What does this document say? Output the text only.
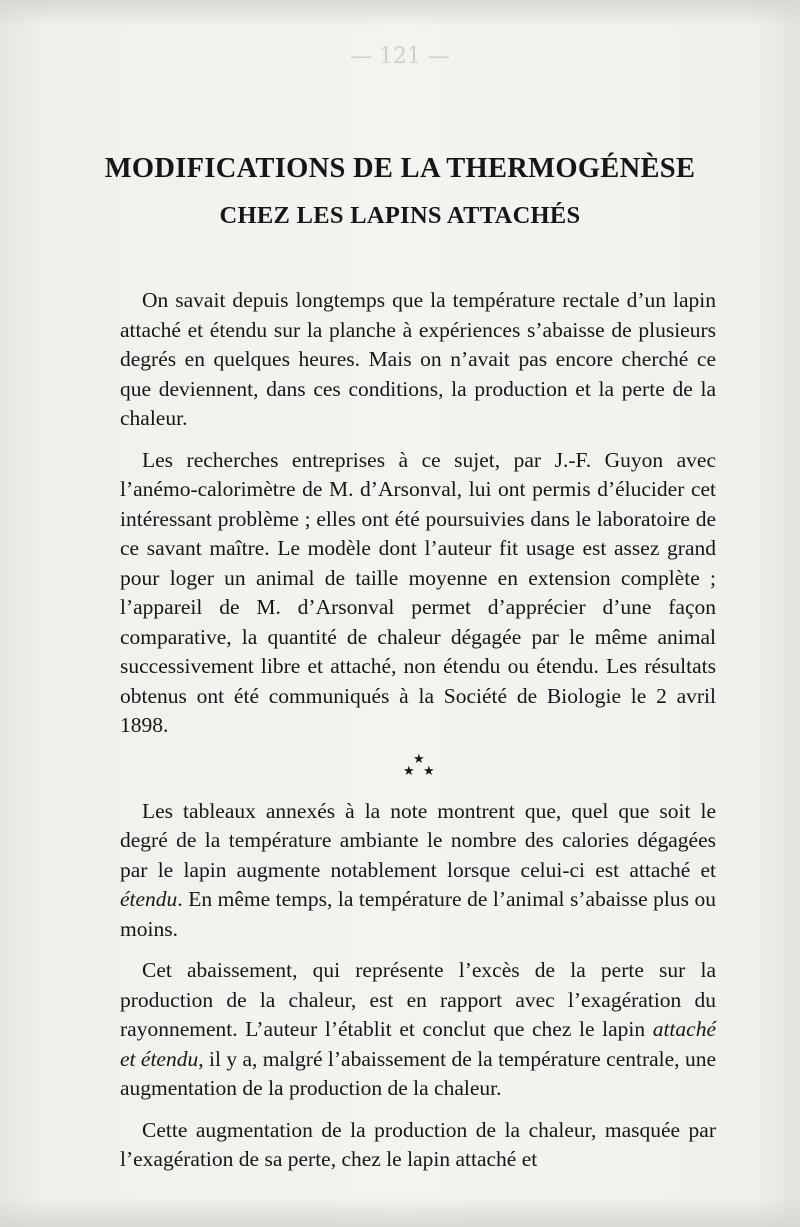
— 121 —
MODIFICATIONS DE LA THERMOGÉNÈSE
CHEZ LES LAPINS ATTACHÉS

On savait depuis longtemps que la température rectale d’un lapin attaché et étendu sur la planche à expériences s’abaisse de plusieurs degrés en quelques heures. Mais on n’avait pas encore cherché ce que deviennent, dans ces conditions, la production et la perte de la chaleur.

Les recherches entreprises à ce sujet, par J.-F. Guyon avec l’anémo-calorimètre de M. d’Arsonval, lui ont permis d’élucider cet intéressant problème ; elles ont été poursuivies dans le laboratoire de ce savant maître. Le modèle dont l’auteur fit usage est assez grand pour loger un animal de taille moyenne en extension complète ; l’appareil de M. d’Arsonval permet d’apprécier d’une façon comparative, la quantité de chaleur dégagée par le même animal successivement libre et attaché, non étendu ou étendu. Les résultats obtenus ont été communiqués à la Société de Biologie le 2 avril 1898.

★
★ ★

Les tableaux annexés à la note montrent que, quel que soit le degré de la température ambiante le nombre des calories dégagées par le lapin augmente notablement lorsque celui-ci est attaché et étendu. En même temps, la température de l’animal s’abaisse plus ou moins.

Cet abaissement, qui représente l’excès de la perte sur la production de la chaleur, est en rapport avec l’exagération du rayonnement. L’auteur l’établit et conclut que chez le lapin attaché et étendu, il y a, malgré l’abaissement de la température centrale, une augmentation de la production de la chaleur.

Cette augmentation de la production de la chaleur, masquée par l’exagération de sa perte, chez le lapin attaché et
